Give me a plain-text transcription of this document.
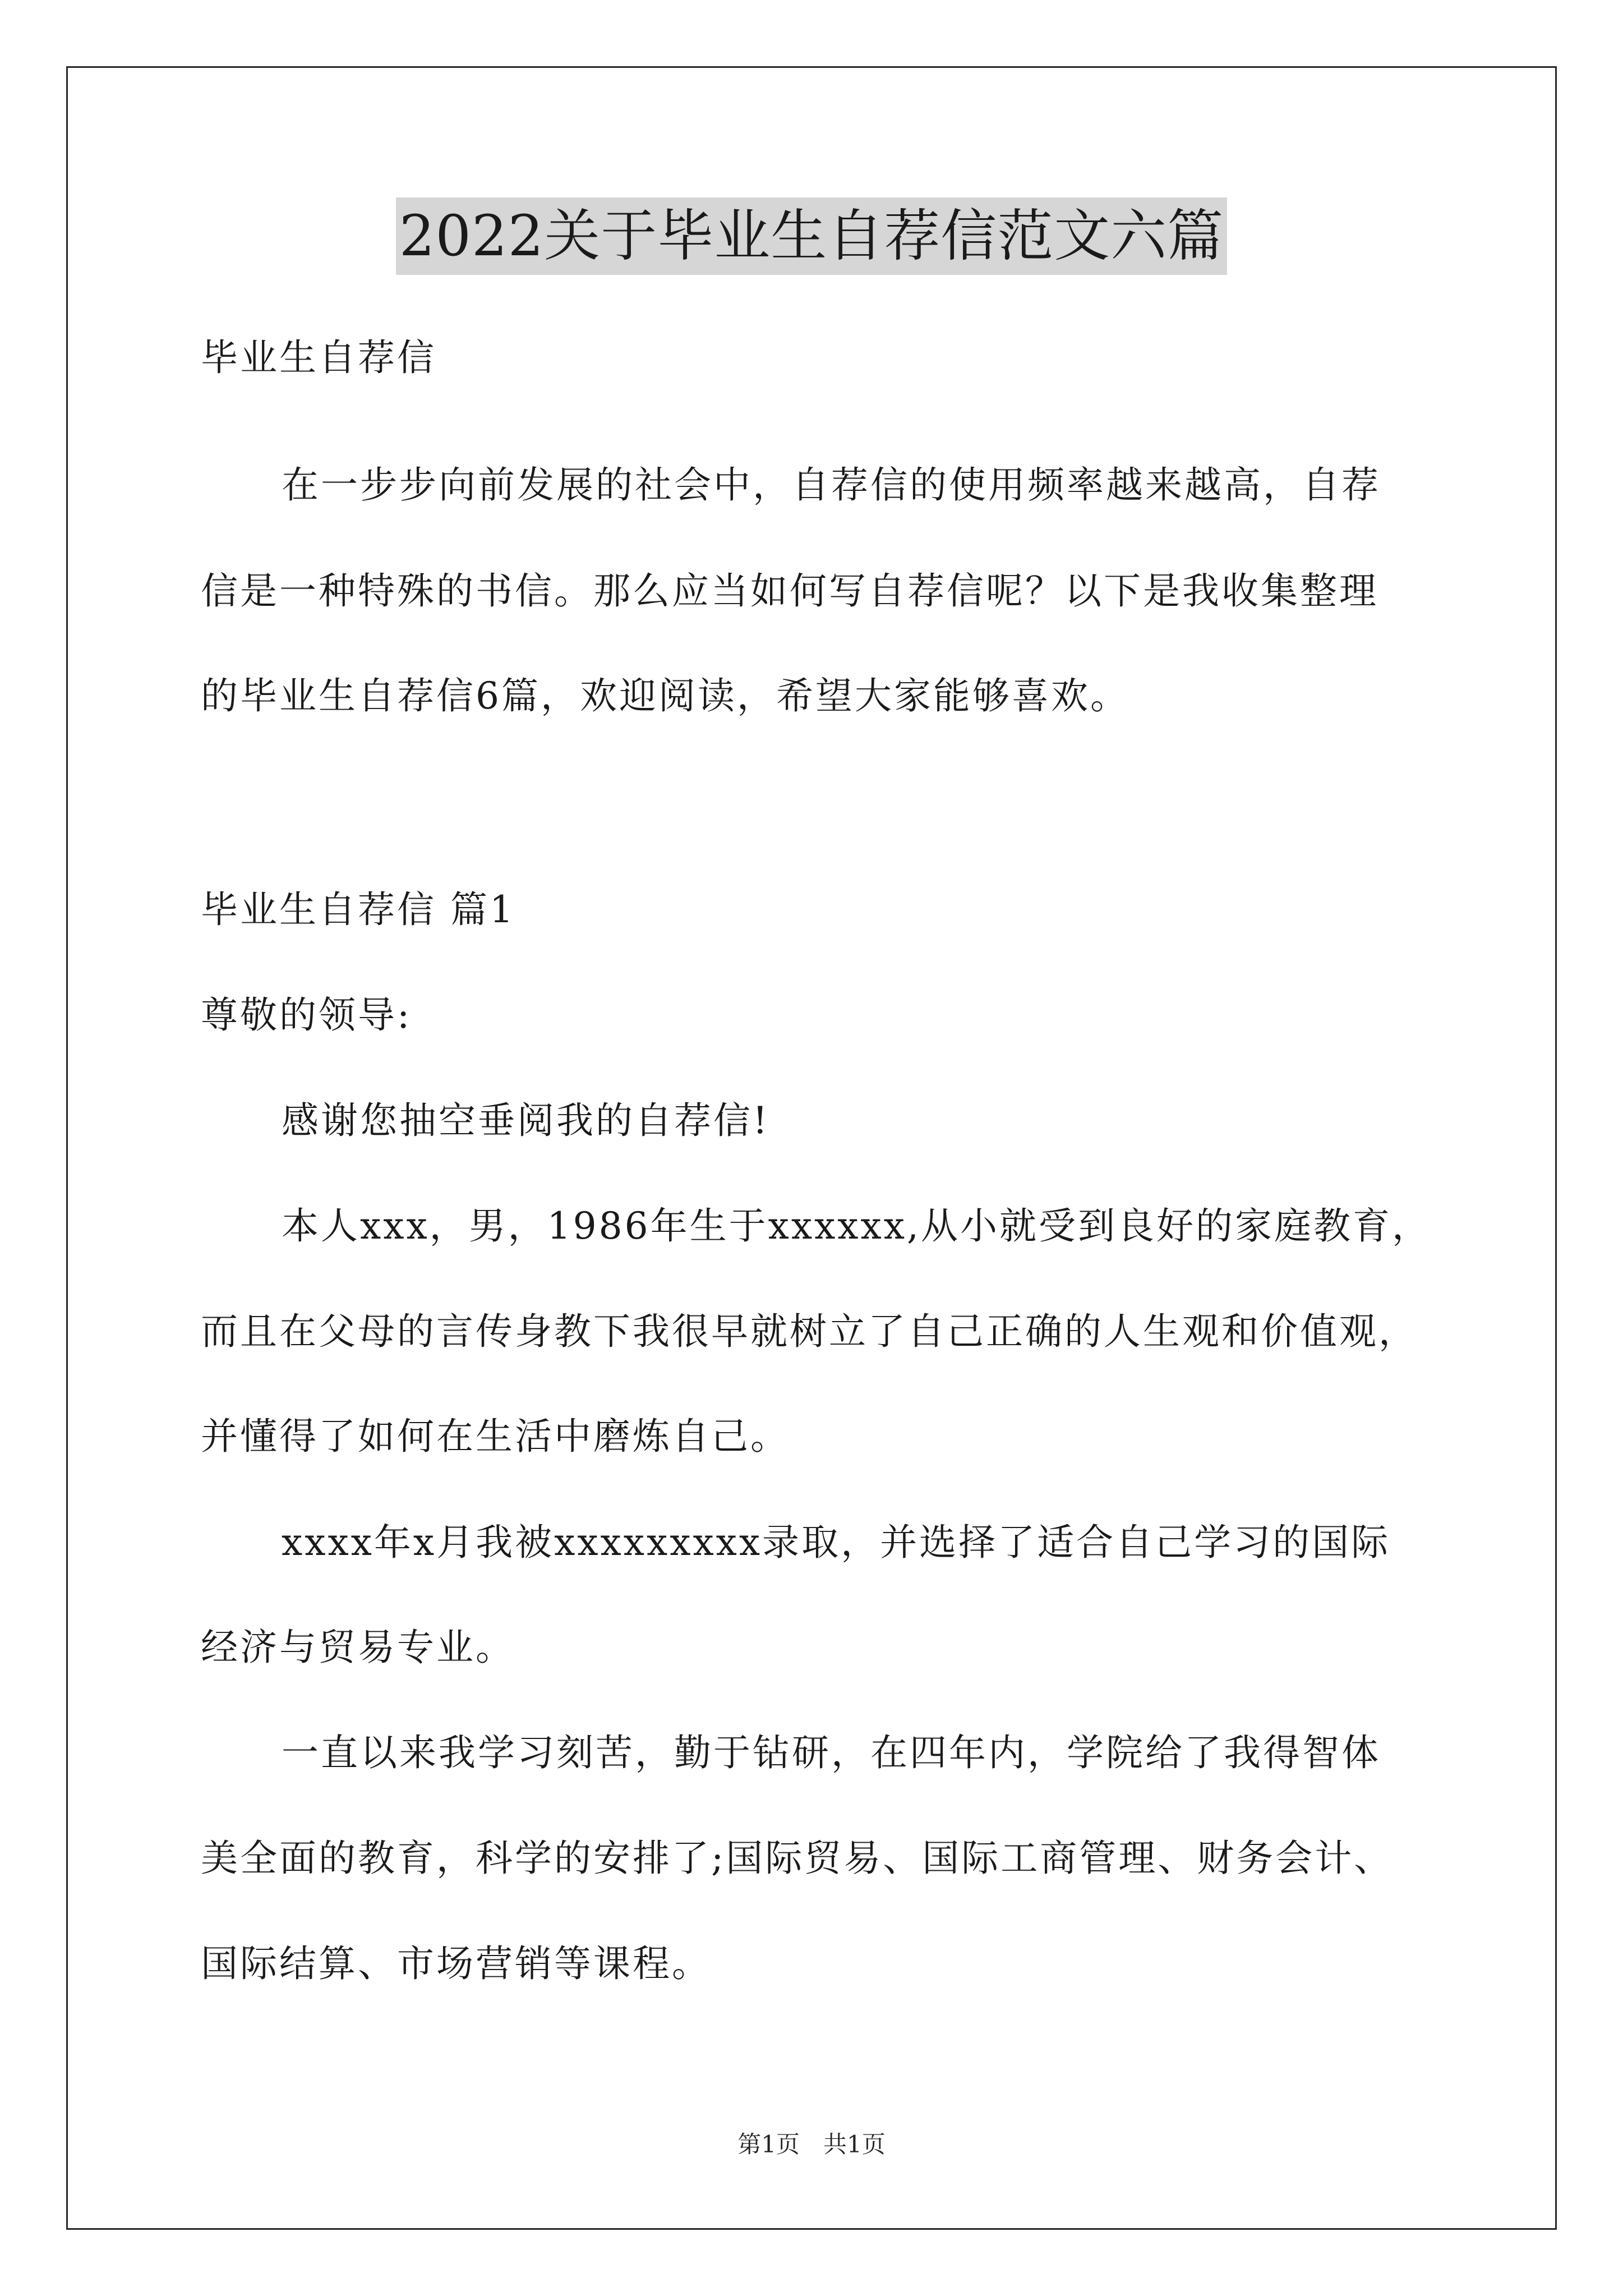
2022关于毕业生自荐信范文六篇
毕业生自荐信
在一步步向前发展的社会中，自荐信的使用频率越来越高，自荐
信是一种特殊的书信。那么应当如何写自荐信呢？以下是我收集整理
的毕业生自荐信6篇，欢迎阅读，希望大家能够喜欢。
毕业生自荐信 篇1
尊敬的领导:
感谢您抽空垂阅我的自荐信!
本人xxx，男，1986年生于xxxxxx,从小就受到良好的家庭教育，
而且在父母的言传身教下我很早就树立了自己正确的人生观和价值观，
并懂得了如何在生活中磨炼自己。
xxxx年x月我被xxxxxxxxx录取，并选择了适合自己学习的国际
经济与贸易专业。
一直以来我学习刻苦，勤于钻研，在四年内，学院给了我得智体
美全面的教育，科学的安排了;国际贸易、国际工商管理、财务会计、
国际结算、市场营销等课程。
第1页　共1页
